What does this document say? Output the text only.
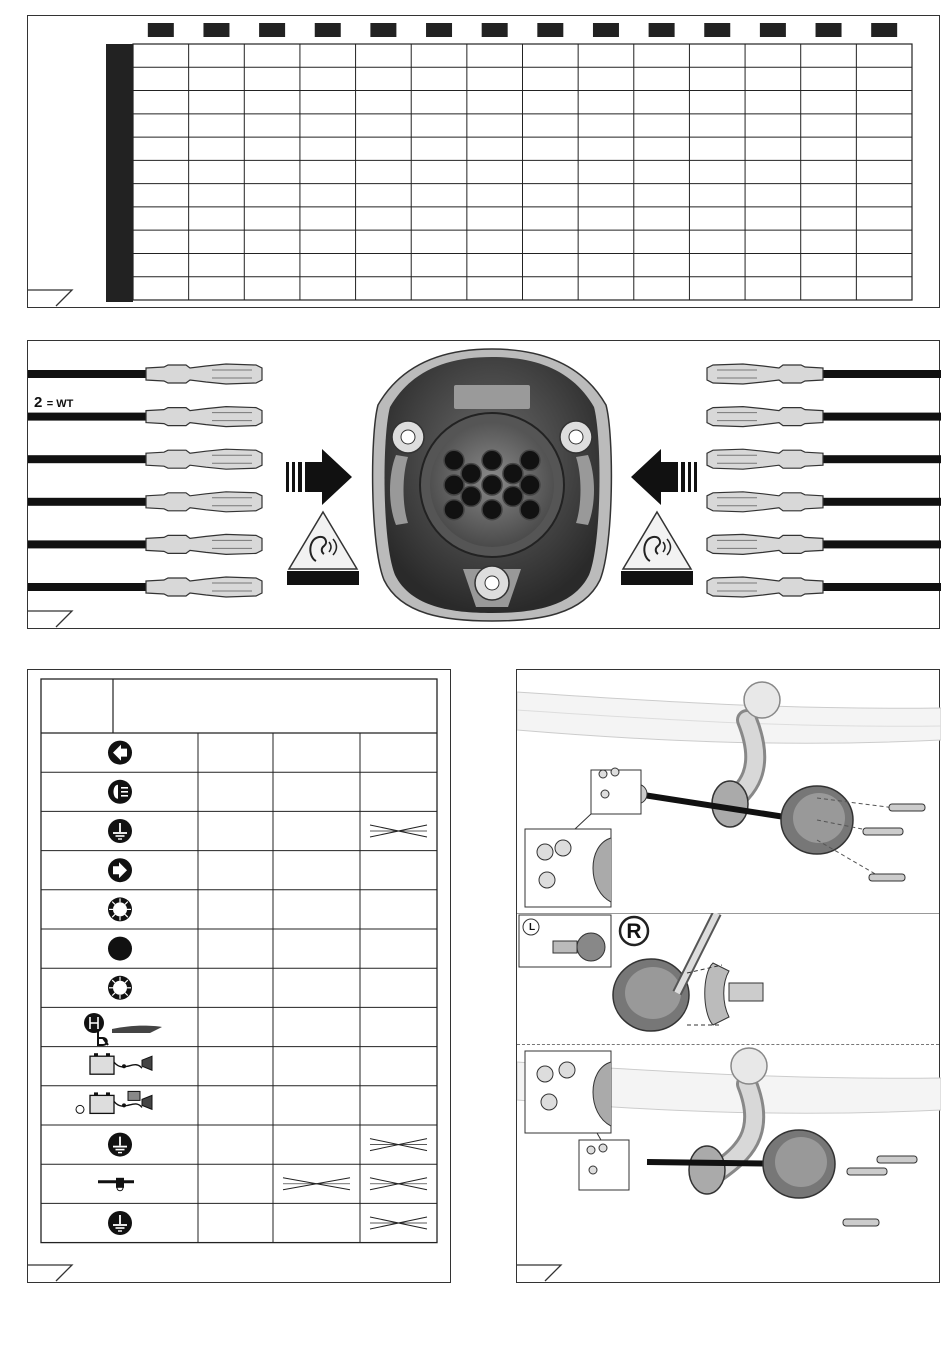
2 = WT
L	R
